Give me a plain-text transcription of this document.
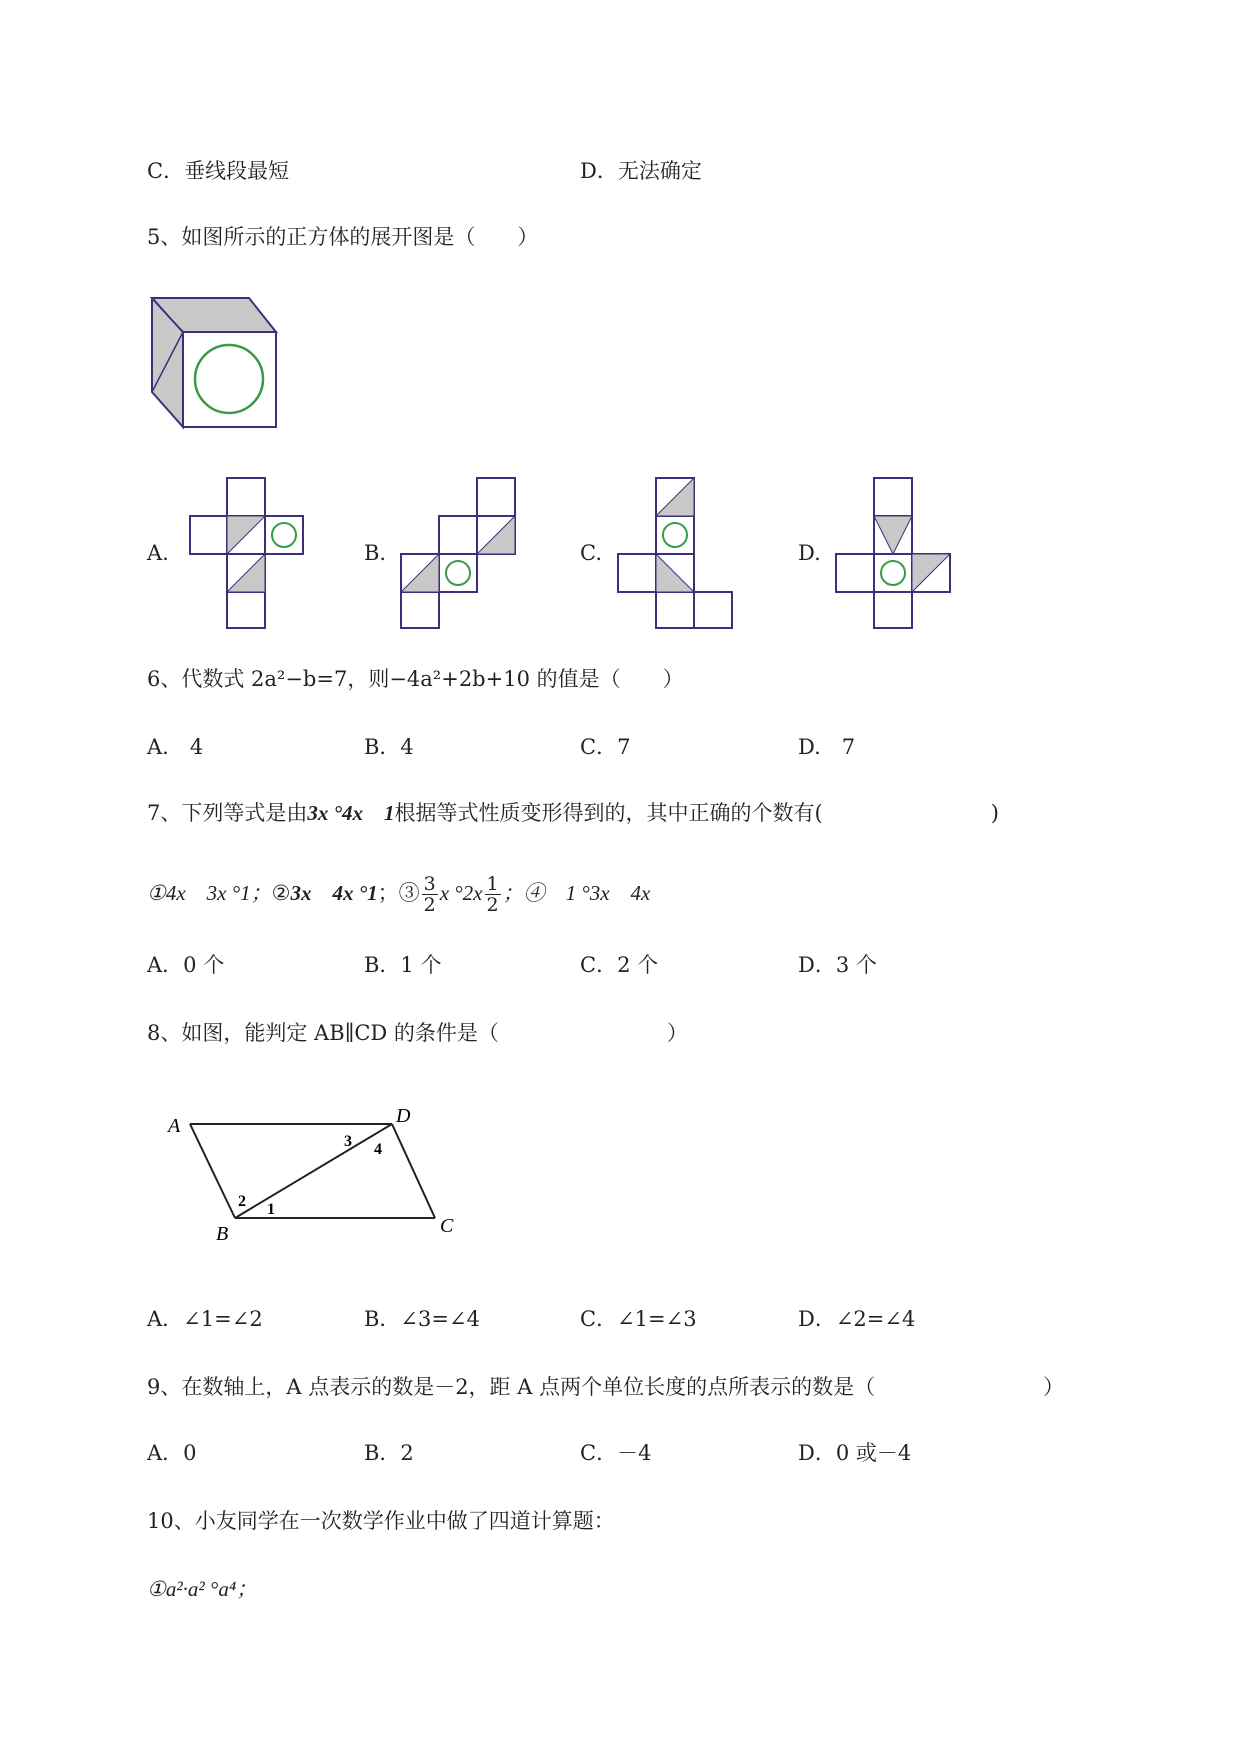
C．垂线段最短	D．无法确定
5、如图所示的正方体的展开图是（　　）
A.	B.	C.	D.
6、代数式 2a²−b=7，则−4a²+2b+10 的值是（　　）
A.　4	B．4	C．7	D.　7
7、下列等式是由3x °4x　1根据等式性质变形得到的，其中正确的个数有(　　　　　　　　)
①4x　3x °1；②3x　4x °1；③ $\frac{3}{2}$ x $^\circ 2x \frac{1}{2}$ ；④　1 °3x　4x
A．0 个	B．1 个	C．2 个	D．3 个
8、如图，能判定 AB∥CD 的条件是（　　　　　　　　）
A	D
B	C
2 1
3 4
A．∠1=∠2	B．∠3=∠4	C．∠1=∠3	D．∠2=∠4
9、在数轴上，A 点表示的数是－2，距 A 点两个单位长度的点所表示的数是（　　　　　　　　）
A．0	B．2	C．－4	D．0 或－4
10、小友同学在一次数学作业中做了四道计算题：
①a²·a² °a⁴；
